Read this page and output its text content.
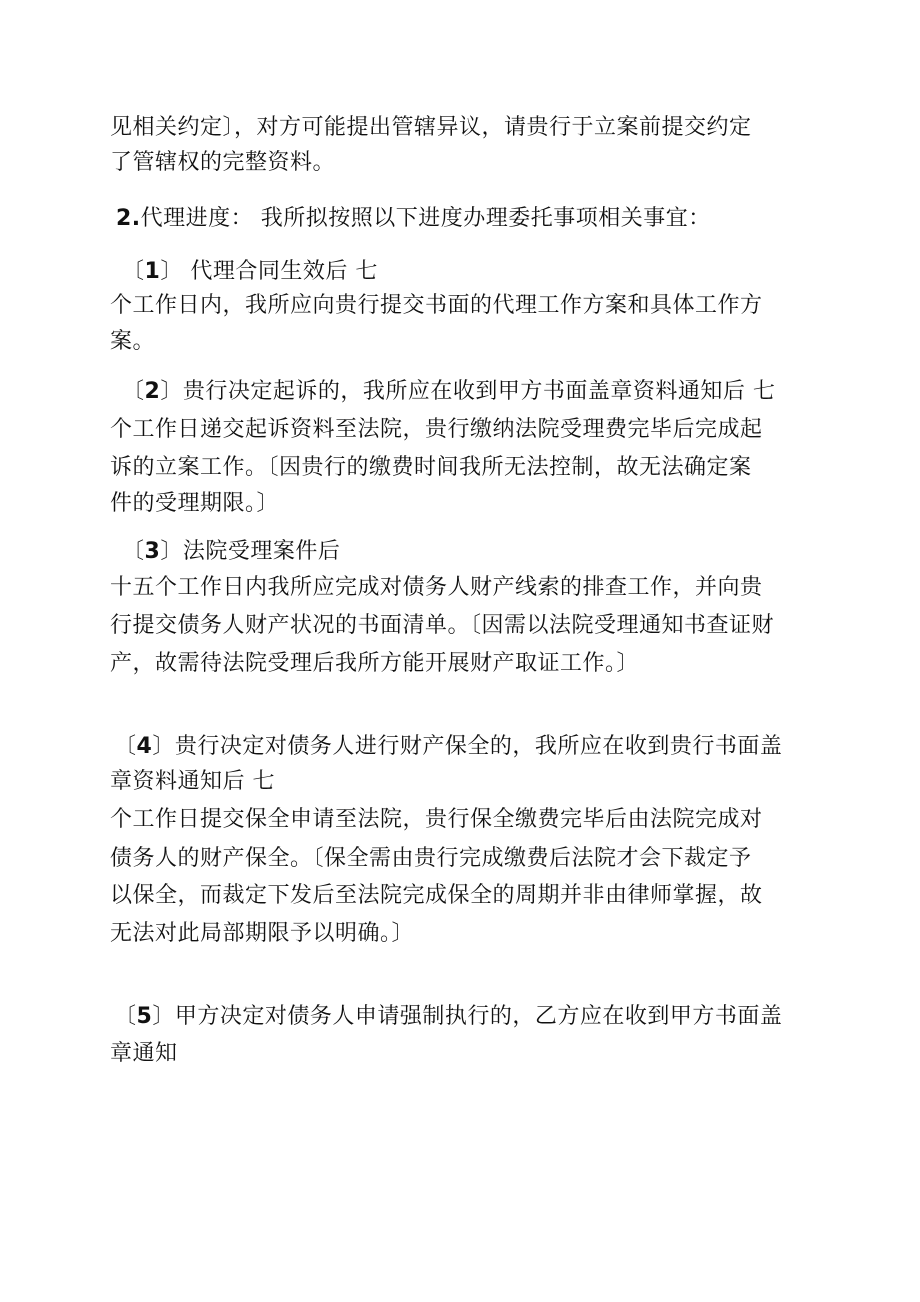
见相关约定〕，对方可能提出管辖异议，请贵行于立案前提交约定
了管辖权的完整资料。
2.代理进度： 我所拟按照以下进度办理委托事项相关事宜：
〔1〕 代理合同生效后 七
个工作日内，我所应向贵行提交书面的代理工作方案和具体工作方
案。
〔2〕贵行决定起诉的，我所应在收到甲方书面盖章资料通知后 七
个工作日递交起诉资料至法院，贵行缴纳法院受理费完毕后完成起
诉的立案工作。〔因贵行的缴费时间我所无法控制，故无法确定案
件的受理期限。〕
〔3〕法院受理案件后
十五个工作日内我所应完成对债务人财产线索的排查工作，并向贵
行提交债务人财产状况的书面清单。〔因需以法院受理通知书查证财
产，故需待法院受理后我所方能开展财产取证工作。〕
〔4〕贵行决定对债务人进行财产保全的，我所应在收到贵行书面盖
章资料通知后 七
个工作日提交保全申请至法院，贵行保全缴费完毕后由法院完成对
债务人的财产保全。〔保全需由贵行完成缴费后法院才会下裁定予
以保全，而裁定下发后至法院完成保全的周期并非由律师掌握，故
无法对此局部期限予以明确。〕
〔5〕甲方决定对债务人申请强制执行的，乙方应在收到甲方书面盖
章通知
